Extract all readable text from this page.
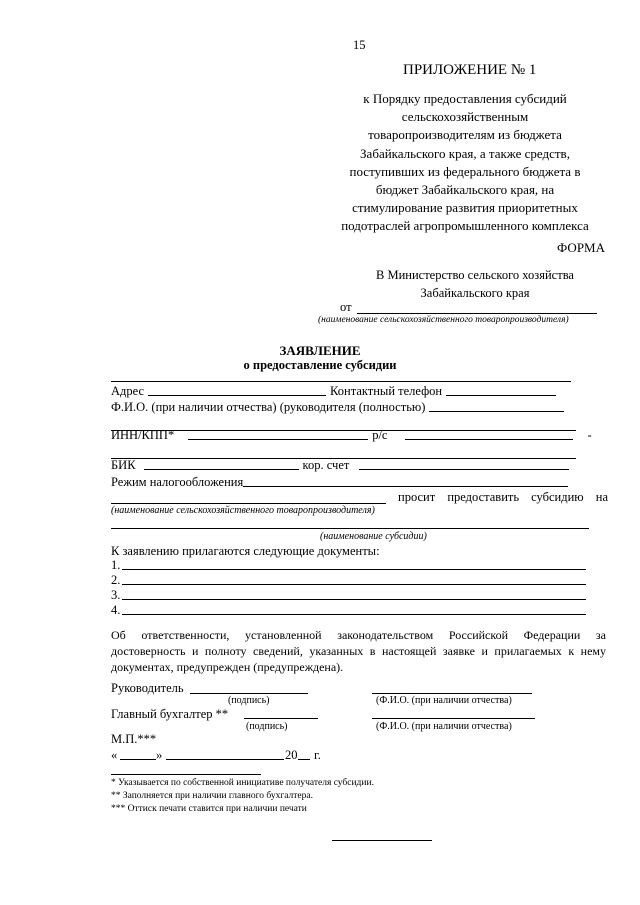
15
ПРИЛОЖЕНИЕ № 1
к Порядку предоставления субсидий
сельскохозяйственным
товаропроизводителям из бюджета
Забайкальского края, а также средств,
поступивших из федерального бюджета в
бюджет Забайкальского края, на
стимулирование развития приоритетных
подотраслей агропромышленного комплекса
ФОРМА
В Министерство сельского хозяйства
Забайкальского края
от
(наименование сельскохозяйственного товаропроизводителя)
ЗАЯВЛЕНИЕ
о предоставление субсидии
Адрес	Контактный телефон
Ф.И.О. (при наличии отчества) (руководителя (полностью)
ИНН/КПП*	р/с	-
БИК	кор. счет
Режим налогообложения
просит предоставить субсидию на
(наименование сельскохозяйственного товаропроизводителя)
(наименование субсидии)
К заявлению прилагаются следующие документы:
1.
2.
3.
4.
Об ответственности, установленной законодательством Российской Федерации за достоверность и полноту сведений, указанных в настоящей заявке и прилагаемых к нему документах, предупрежден (предупреждена).
Руководитель
(подпись)	(Ф.И.О. (при наличии отчества)
Главный бухгалтер **
(подпись)	(Ф.И.О. (при наличии отчества)
М.П.***
«	»	20 г.
* Указывается по собственной инициативе получателя субсидии.
** Заполняется при наличии главного бухгалтера.
*** Оттиск печати ставится при наличии печати
